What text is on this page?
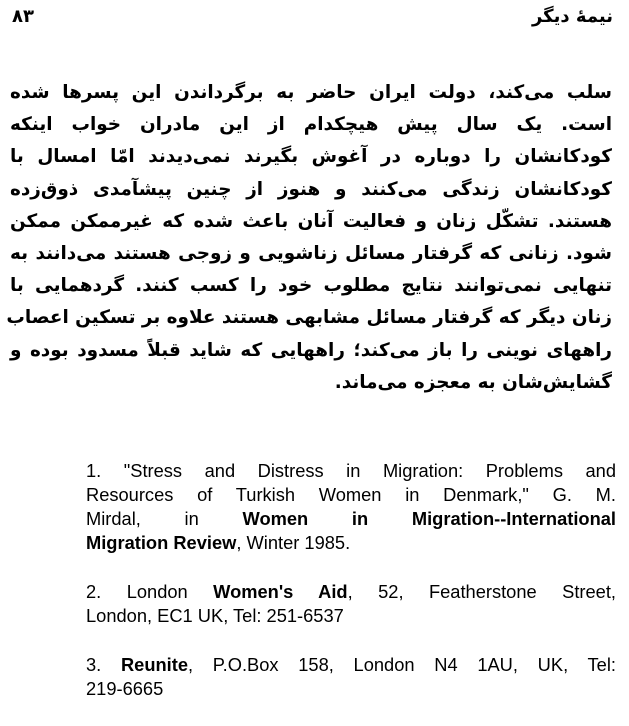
۸۳	نیمهٔ دیگر
سلب می‌کند، دولت ایران حاضر به برگرداندن این پسرها شده
است. یک سال پیش هیچکدام از این مادران خواب اینکه
کودکانشان را دوباره در آغوش بگیرند نمی‌دیدند امّا امسال با
کودکانشان زندگی می‌کنند و هنوز از چنین پیشآمدی ذوق‌زده
هستند. تشکّل زنان و فعالیت آنان باعث شده که غیرممکن ممکن
شود. زنانی که گرفتار مسائل زناشویی و زوجی هستند می‌دانند به
تنهایی نمی‌توانند نتایج مطلوب خود را کسب کنند. گردهمایی با
زنان دیگر که گرفتار مسائل مشابهی هستند علاوه بر تسکین اعصاب
راههای نوینی را باز می‌کند؛ راههایی که شاید قبلاً مسدود بوده و
گشایش‌شان به معجزه می‌ماند.
1. "Stress and Distress in Migration: Problems and
Resources of Turkish Women in Denmark," G. M.
Mirdal, in Women in Migration--International
Migration Review, Winter 1985.
2. London Women's Aid, 52, Featherstone Street,
London, EC1 UK, Tel: 251-6537
3. Reunite, P.O.Box 158, London N4 1AU, UK, Tel:
219-6665
